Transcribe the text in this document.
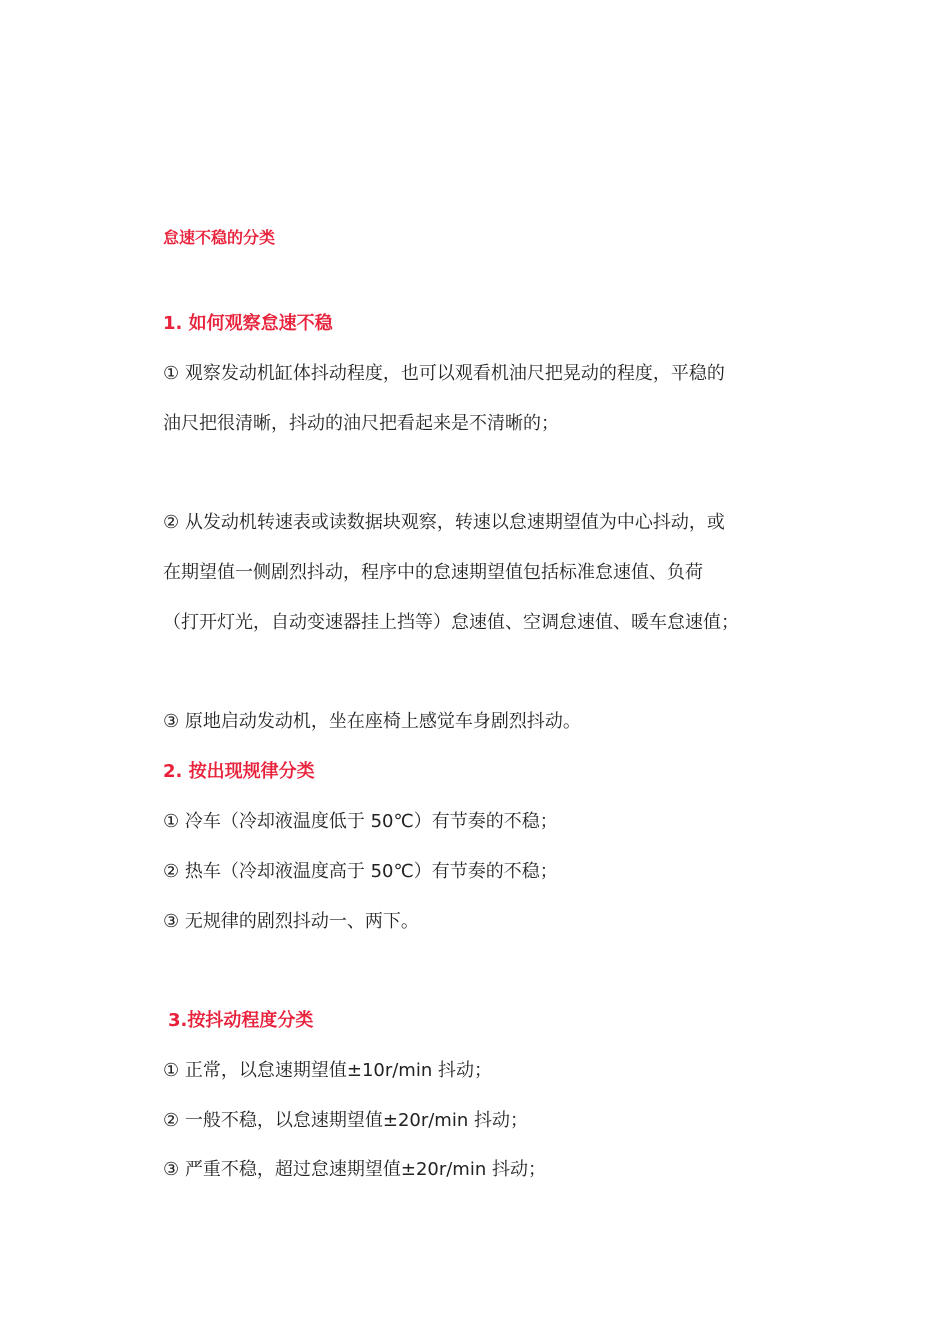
怠速不稳的分类
1. 如何观察怠速不稳
① 观察发动机缸体抖动程度，也可以观看机油尺把晃动的程度，平稳的
油尺把很清晰，抖动的油尺把看起来是不清晰的；
② 从发动机转速表或读数据块观察，转速以怠速期望值为中心抖动，或
在期望值一侧剧烈抖动，程序中的怠速期望值包括标准怠速值、负荷
（打开灯光，自动变速器挂上挡等）怠速值、空调怠速值、暖车怠速值；
③ 原地启动发动机，坐在座椅上感觉车身剧烈抖动。
2. 按出现规律分类
① 冷车（冷却液温度低于 50℃）有节奏的不稳；
② 热车（冷却液温度高于 50℃）有节奏的不稳；
③ 无规律的剧烈抖动一、两下。
3.按抖动程度分类
① 正常，以怠速期望值±10r/min 抖动；
② 一般不稳，以怠速期望值±20r/min 抖动；
③ 严重不稳，超过怠速期望值±20r/min 抖动；
